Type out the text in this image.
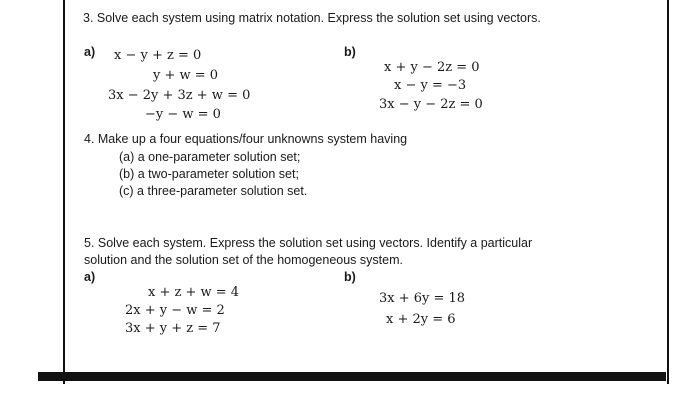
3. Solve each system using matrix notation. Express the solution set using vectors.
a) x − y + z = 0
y + w = 0
3x − 2y + 3z + w = 0
−y − w = 0
b)
x + y − 2z = 0
x − y = −3
3x − y − 2z = 0
4. Make up a four equations/four unknowns system having
(a) a one-parameter solution set;
(b) a two-parameter solution set;
(c) a three-parameter solution set.
5. Solve each system. Express the solution set using vectors. Identify a particular
solution and the solution set of the homogeneous system.
a)
x + z + w = 4
2x + y − w = 2
3x + y + z = 7
b)
3x + 6y = 18
x + 2y = 6
